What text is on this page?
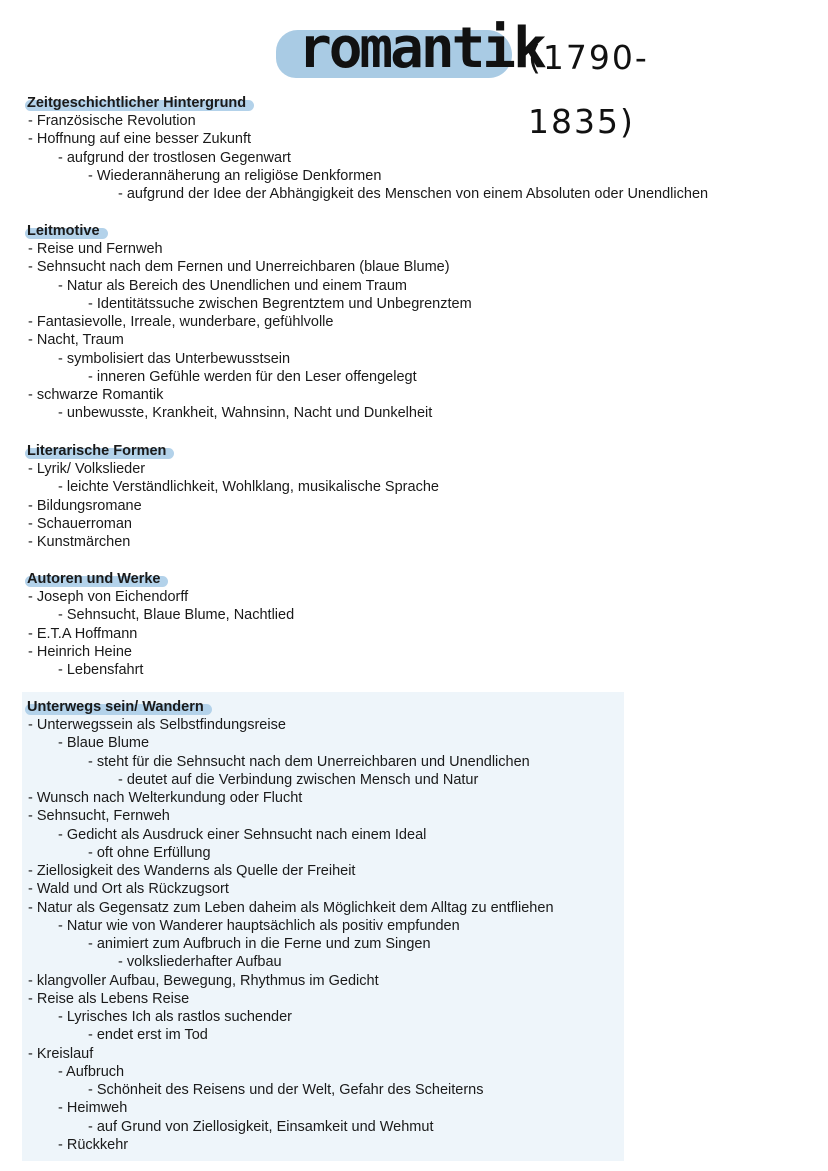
romantik
(1790-1835)
Zeitgeschichtlicher Hintergrund
- Französische Revolution
- Hoffnung auf eine besser Zukunft
- aufgrund der trostlosen Gegenwart
- Wiederannäherung an religiöse Denkformen
- aufgrund der Idee der Abhängigkeit des Menschen von einem Absoluten oder Unendlichen
Leitmotive
- Reise und Fernweh
- Sehnsucht nach dem Fernen und Unerreichbaren (blaue Blume)
- Natur als Bereich des Unendlichen und einem Traum
- Identitätssuche zwischen Begrentztem und Unbegrenztem
- Fantasievolle, Irreale, wunderbare, gefühlvolle
- Nacht, Traum
- symbolisiert das Unterbewusstsein
- inneren Gefühle werden für den Leser offengelegt
- schwarze Romantik
- unbewusste, Krankheit, Wahnsinn, Nacht und Dunkelheit
Literarische Formen
- Lyrik/ Volkslieder
- leichte Verständlichkeit, Wohlklang, musikalische Sprache
- Bildungsromane
- Schauerroman
- Kunstmärchen
Autoren und Werke
- Joseph von Eichendorff
- Sehnsucht, Blaue Blume, Nachtlied
- E.T.A Hoffmann
- Heinrich Heine
- Lebensfahrt
Unterwegs sein/ Wandern
- Unterwegssein als Selbstfindungsreise
- Blaue Blume
- steht für die Sehnsucht nach dem Unerreichbaren und Unendlichen
- deutet auf die Verbindung zwischen Mensch und Natur
- Wunsch nach Welterkundung oder Flucht
- Sehnsucht, Fernweh
- Gedicht als Ausdruck einer Sehnsucht nach einem Ideal
- oft ohne Erfüllung
- Ziellosigkeit des Wanderns als Quelle der Freiheit
- Wald und Ort als Rückzugsort
- Natur als Gegensatz zum Leben daheim als Möglichkeit dem Alltag zu entfliehen
- Natur wie von Wanderer hauptsächlich als positiv empfunden
- animiert zum Aufbruch in die Ferne und zum Singen
- volksliederhafter Aufbau
- klangvoller Aufbau, Bewegung, Rhythmus im Gedicht
- Reise als Lebens Reise
- Lyrisches Ich als rastlos suchender
- endet erst im Tod
- Kreislauf
- Aufbruch
- Schönheit des Reisens und der Welt, Gefahr des Scheiterns
- Heimweh
- auf Grund von Ziellosigkeit, Einsamkeit und Wehmut
- Rückkehr
